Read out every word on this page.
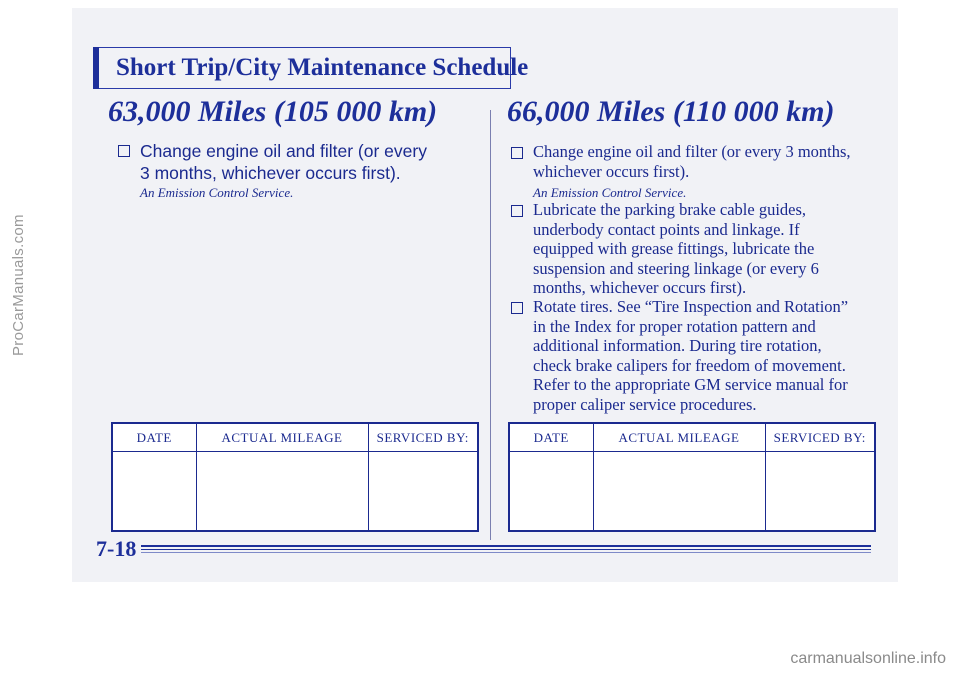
ProCarManuals.com
Short Trip/City Maintenance Schedule
63,000 Miles (105 000 km)
Change engine oil and filter (or every 3 months, whichever occurs first).
An Emission Control Service.
DATE	ACTUAL MILEAGE	SERVICED BY:

66,000 Miles (110 000 km)
Change engine oil and filter (or every 3 months, whichever occurs first).
An Emission Control Service.
Lubricate the parking brake cable guides, underbody contact points and linkage. If equipped with grease fittings, lubricate the suspension and steering linkage (or every 6 months, whichever occurs first).
Rotate tires. See “Tire Inspection and Rotation” in the Index for proper rotation pattern and additional information. During tire rotation, check brake calipers for freedom of movement. Refer to the appropriate GM service manual for proper caliper service procedures.
DATE	ACTUAL MILEAGE	SERVICED BY:

7-18
carmanualsonline.info
